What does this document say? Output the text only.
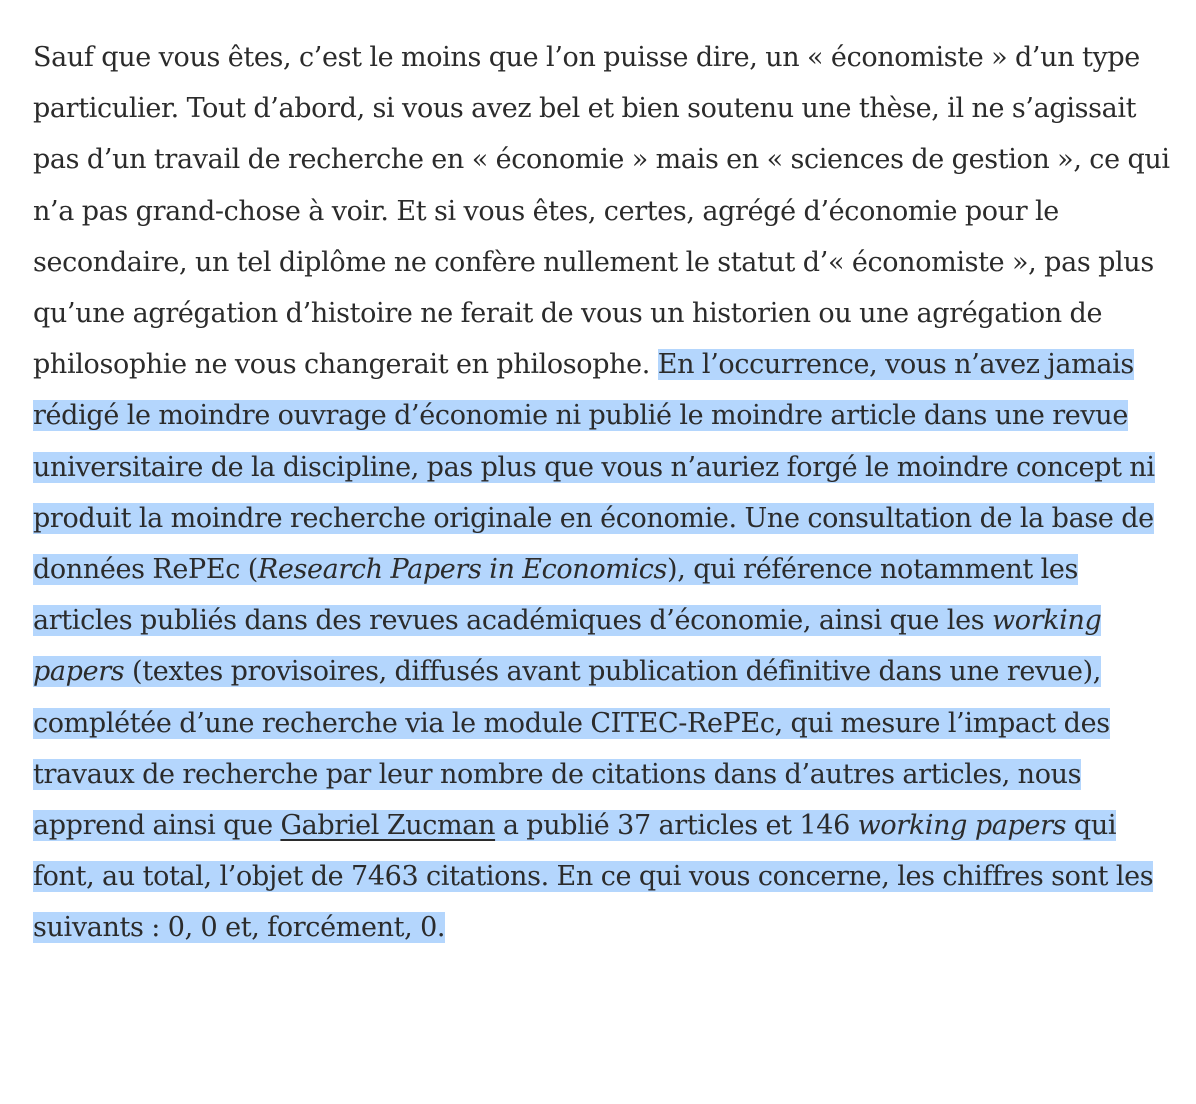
Sauf que vous êtes, c’est le moins que l’on puisse dire, un « économiste » d’un type particulier. Tout d’abord, si vous avez bel et bien soutenu une thèse, il ne s’agissait pas d’un travail de recherche en « économie » mais en « sciences de gestion », ce qui n’a pas grand-chose à voir. Et si vous êtes, certes, agrégé d’économie pour le secondaire, un tel diplôme ne confère nullement le statut d’« économiste », pas plus qu’une agrégation d’histoire ne ferait de vous un historien ou une agrégation de philosophie ne vous changerait en philosophe. En l’occurrence, vous n’avez jamais rédigé le moindre ouvrage d’économie ni publié le moindre article dans une revue universitaire de la discipline, pas plus que vous n’auriez forgé le moindre concept ni produit la moindre recherche originale en économie. Une consultation de la base de données RePEc (Research Papers in Economics), qui référence notamment les articles publiés dans des revues académiques d’économie, ainsi que les working papers (textes provisoires, diffusés avant publication définitive dans une revue), complétée d’une recherche via le module CITEC-RePEc, qui mesure l’impact des travaux de recherche par leur nombre de citations dans d’autres articles, nous apprend ainsi que Gabriel Zucman a publié 37 articles et 146 working papers qui font, au total, l’objet de 7463 citations. En ce qui vous concerne, les chiffres sont les suivants : 0, 0 et, forcément, 0.
